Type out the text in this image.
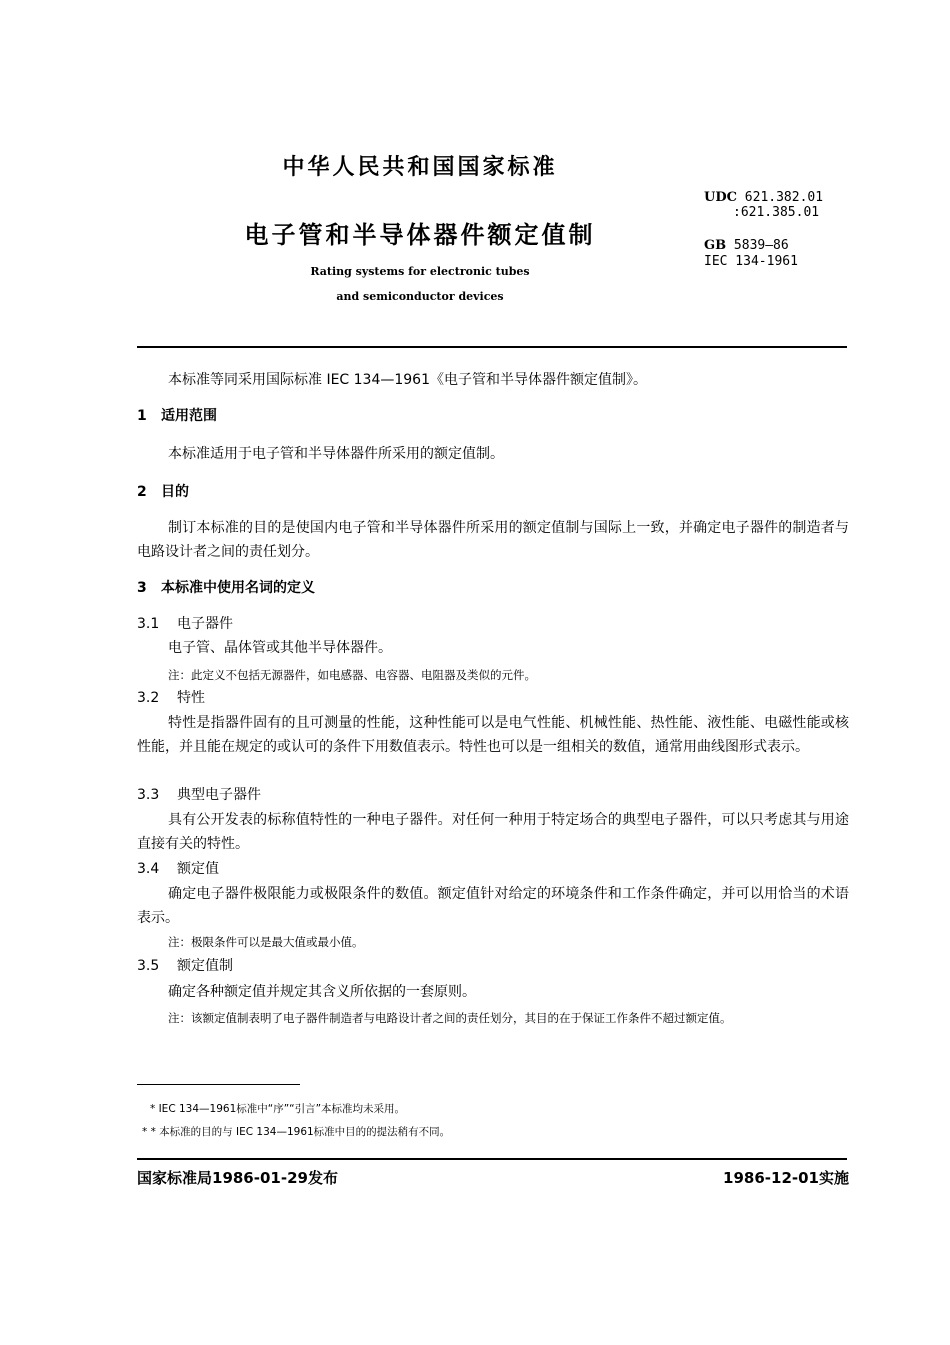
中华人民共和国国家标准
电子管和半导体器件额定值制
Rating systems for electronic tubes
and semiconductor devices
UDC 621.382.01
:621.385.01
GB 5839—86
IEC 134-1961
本标准等同采用国际标准 IEC 134—1961《电子管和半导体器件额定值制》。
1 适用范围
本标准适用于电子管和半导体器件所采用的额定值制。
2 目的
制订本标准的目的是使国内电子管和半导体器件所采用的额定值制与国际上一致，并确定电子器件的制造者与电路设计者之间的责任划分。
3 本标准中使用名词的定义
3.1 电子器件
电子管、晶体管或其他半导体器件。
注：此定义不包括无源器件，如电感器、电容器、电阻器及类似的元件。
3.2 特性
特性是指器件固有的且可测量的性能，这种性能可以是电气性能、机械性能、热性能、液性能、电磁性能或核性能，并且能在规定的或认可的条件下用数值表示。特性也可以是一组相关的数值，通常用曲线图形式表示。
3.3 典型电子器件
具有公开发表的标称值特性的一种电子器件。对任何一种用于特定场合的典型电子器件，可以只考虑其与用途直接有关的特性。
3.4 额定值
确定电子器件极限能力或极限条件的数值。额定值针对给定的环境条件和工作条件确定，并可以用恰当的术语表示。
注：极限条件可以是最大值或最小值。
3.5 额定值制
确定各种额定值并规定其含义所依据的一套原则。
注：该额定值制表明了电子器件制造者与电路设计者之间的责任划分，其目的在于保证工作条件不超过额定值。
* IEC 134—1961标准中“序”“引言”本标准均未采用。
* * 本标准的目的与 IEC 134—1961标准中目的的提法稍有不同。
国家标准局1986-01-29发布	1986-12-01实施
